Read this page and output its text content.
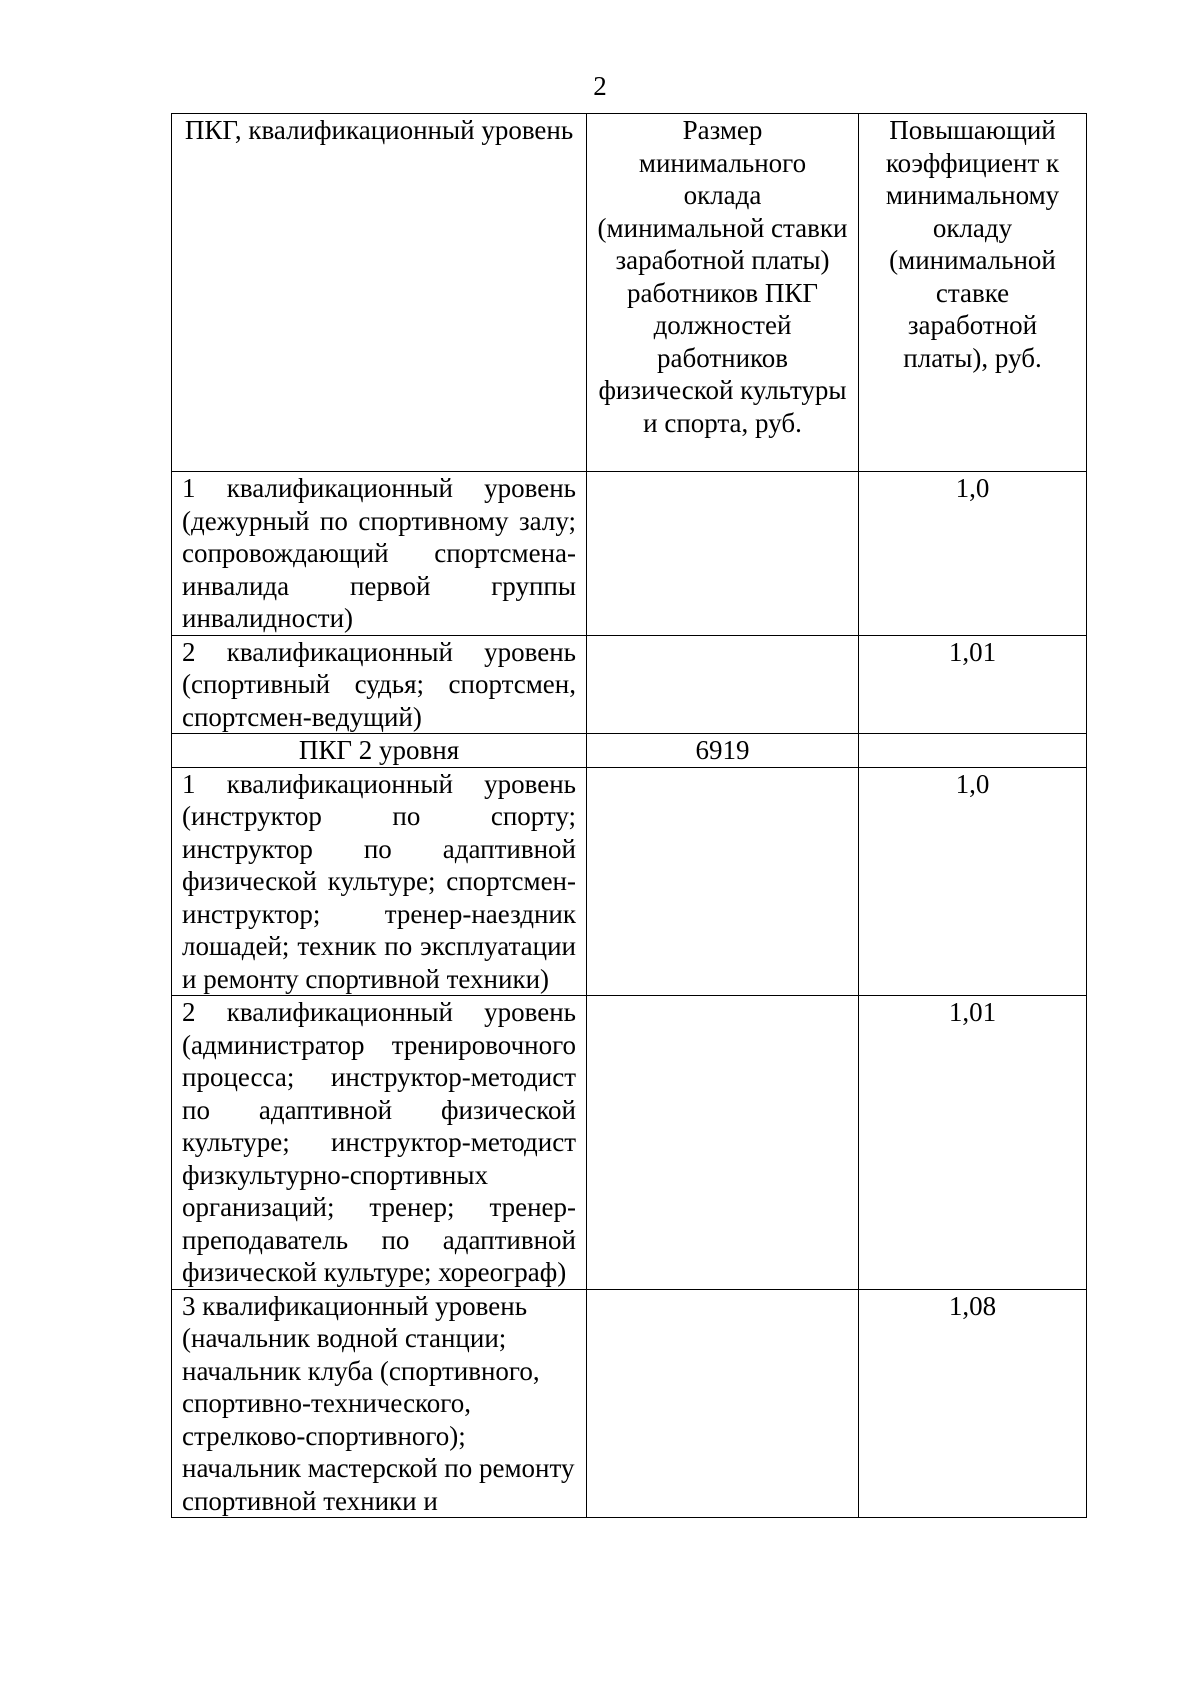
2
ПКГ, квалификационный уровень	Размер минимального оклада (минимальной ставки заработной платы) работников ПКГ должностей работников физической культуры и спорта, руб.	Повышающий коэффициент к минимальному окладу (минимальной ставке заработной платы), руб.
1 квалификационный уровень (дежурный по спортивному залу; сопровождающий спортсмена-инвалида первой группы инвалидности)		1,0
2 квалификационный уровень (спортивный судья; спортсмен, спортсмен-ведущий)		1,01
ПКГ 2 уровня	6919	
1 квалификационный уровень (инструктор по спорту; инструктор по адаптивной физической культуре; спортсмен-инструктор; тренер-наездник лошадей; техник по эксплуатации и ремонту спортивной техники)		1,0
2 квалификационный уровень (администратор тренировочного процесса; инструктор-методист по адаптивной физической культуре; инструктор-методист физкультурно-спортивных организаций; тренер; тренер-преподаватель по адаптивной физической культуре; хореограф)		1,01
3 квалификационный уровень (начальник водной станции; начальник клуба (спортивного, спортивно-технического, стрелково-спортивного); начальник мастерской по ремонту спортивной техники и		1,08
